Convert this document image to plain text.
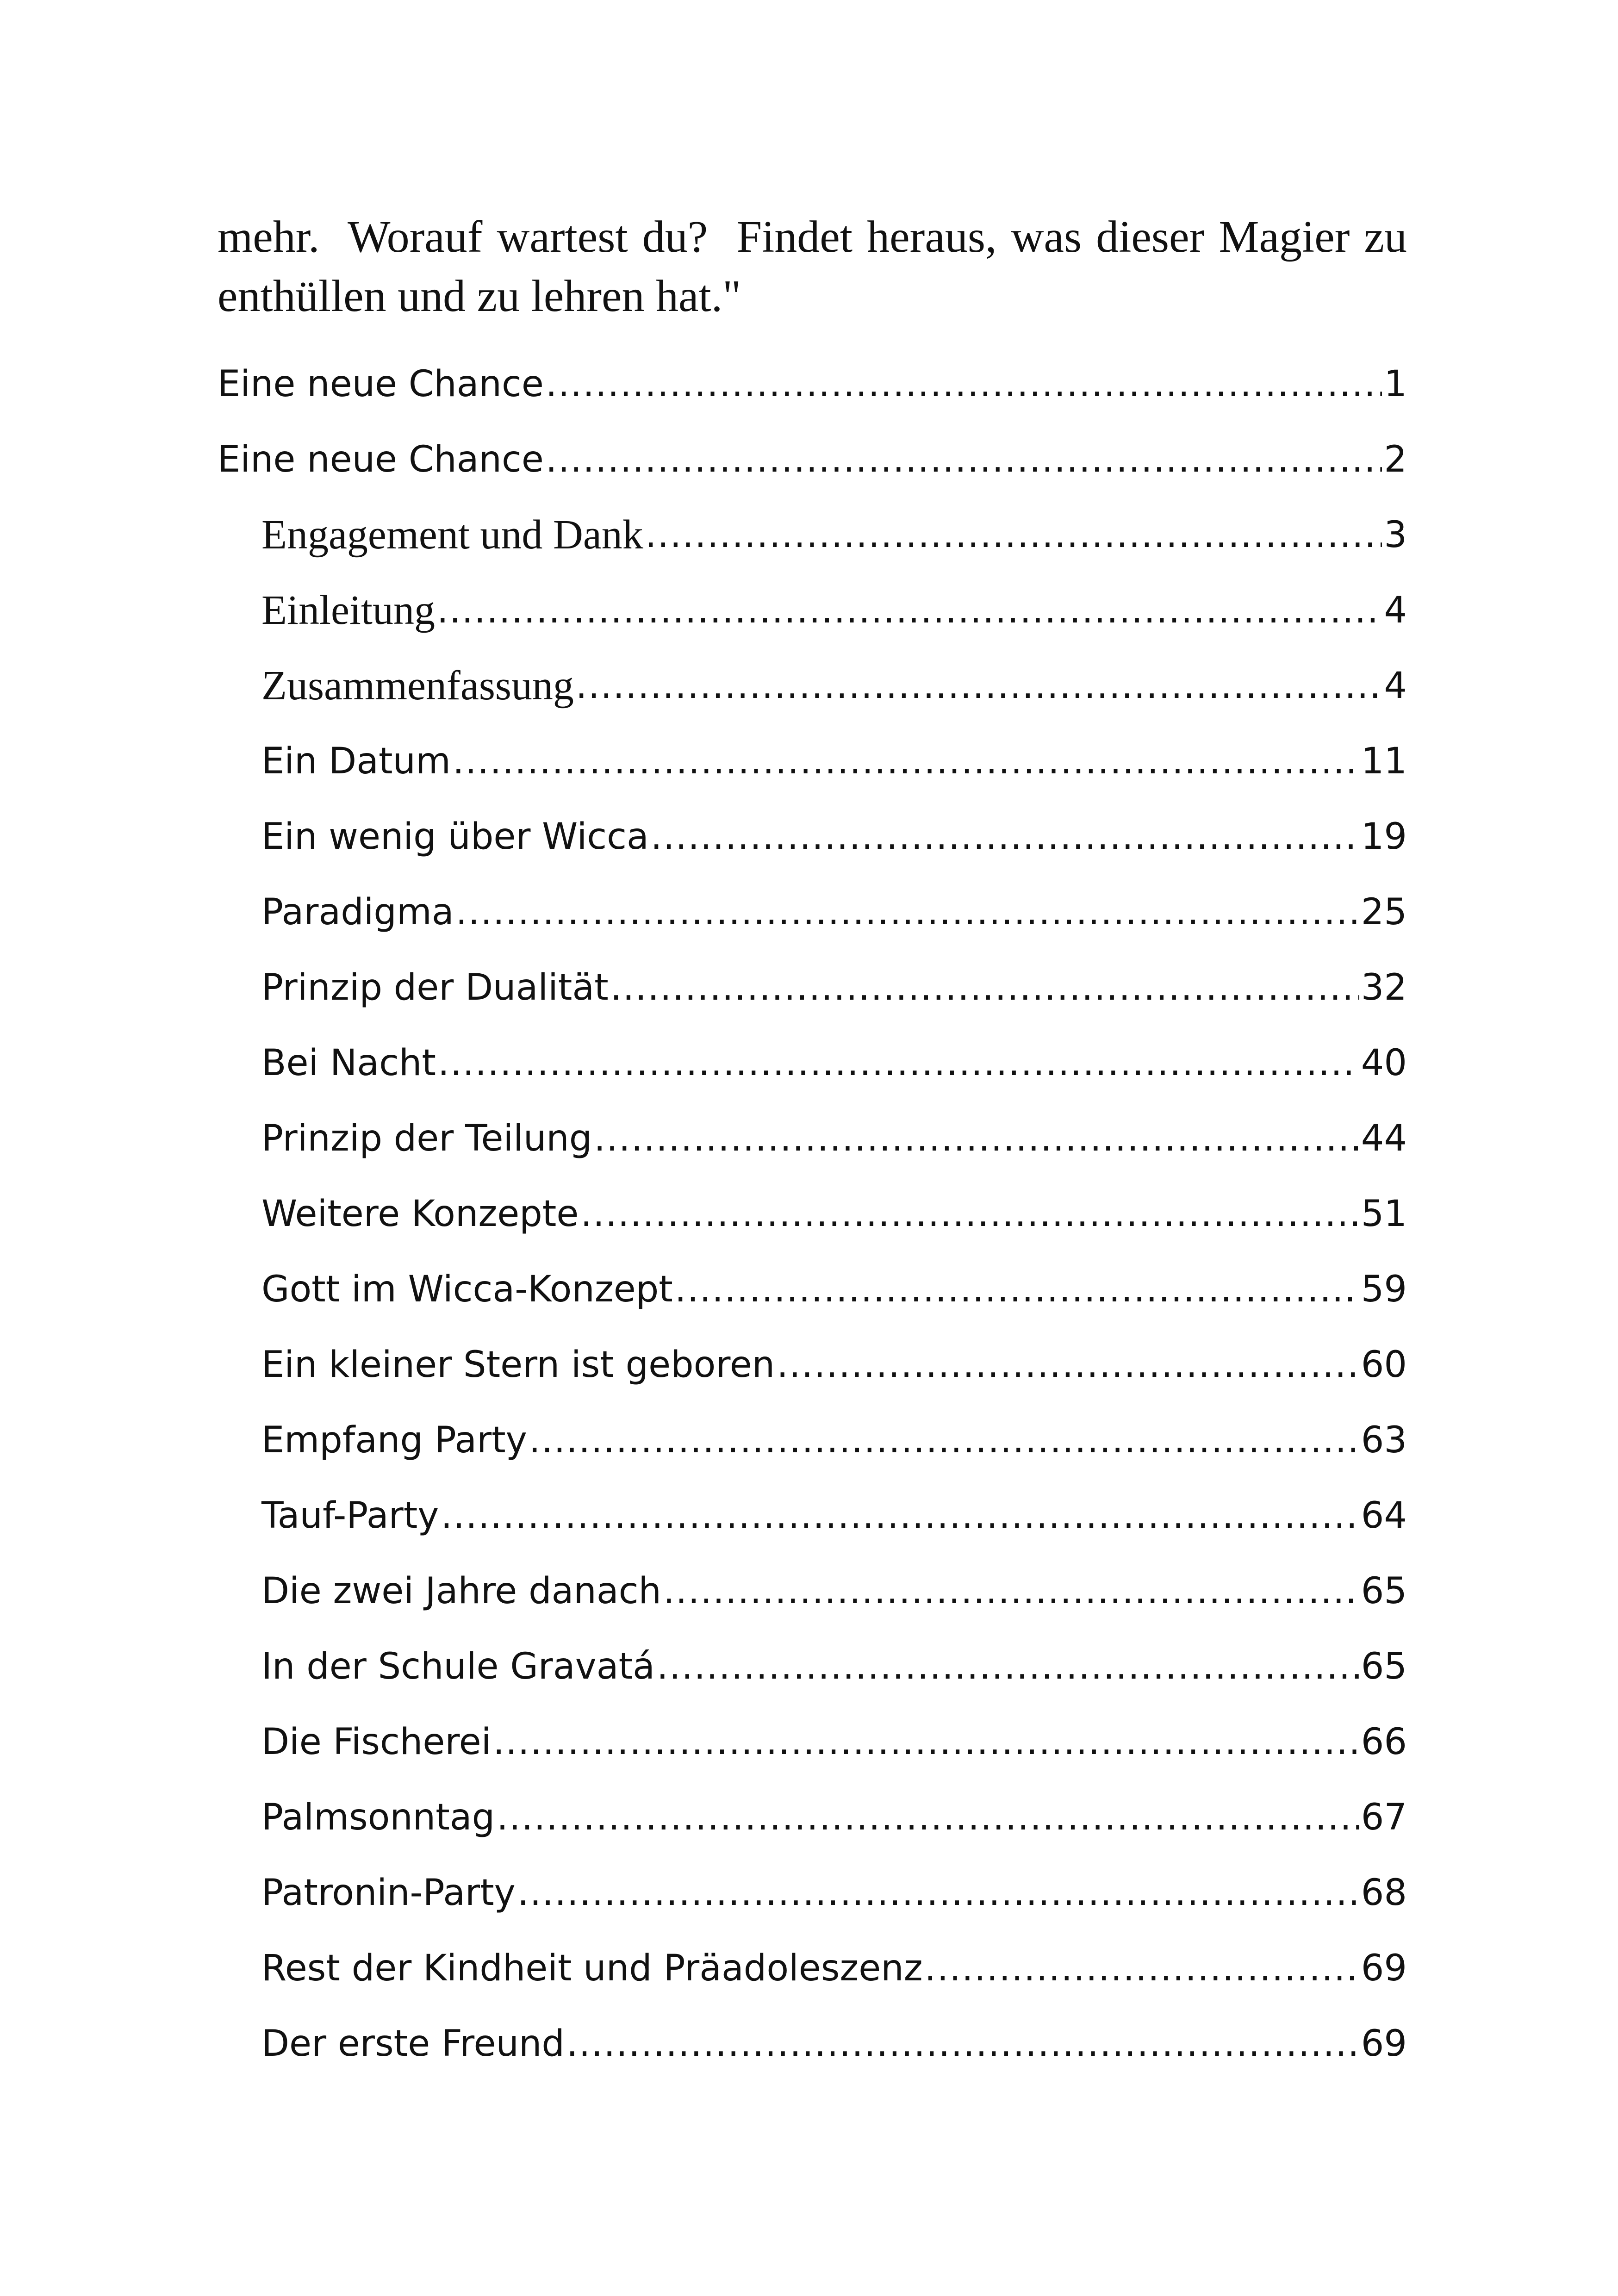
mehr.  Worauf wartest du?  Findet heraus, was dieser Magier zu
enthüllen und zu lehren hat."
Eine neue Chance .....	1
Eine neue Chance .....	2
Engagement und Dank .....	3
Einleitung .....	4
Zusammenfassung .....	4
Ein Datum .....	11
Ein wenig über Wicca .....	19
Paradigma .....	25
Prinzip der Dualität .....	32
Bei Nacht .....	40
Prinzip der Teilung .....	44
Weitere Konzepte .....	51
Gott im Wicca-Konzept .....	59
Ein kleiner Stern ist geboren .....	60
Empfang Party .....	63
Tauf-Party .....	64
Die zwei Jahre danach .....	65
In der Schule Gravatá .....	65
Die Fischerei .....	66
Palmsonntag .....	67
Patronin-Party .....	68
Rest der Kindheit und Präadoleszenz .....	69
Der erste Freund .....	69
